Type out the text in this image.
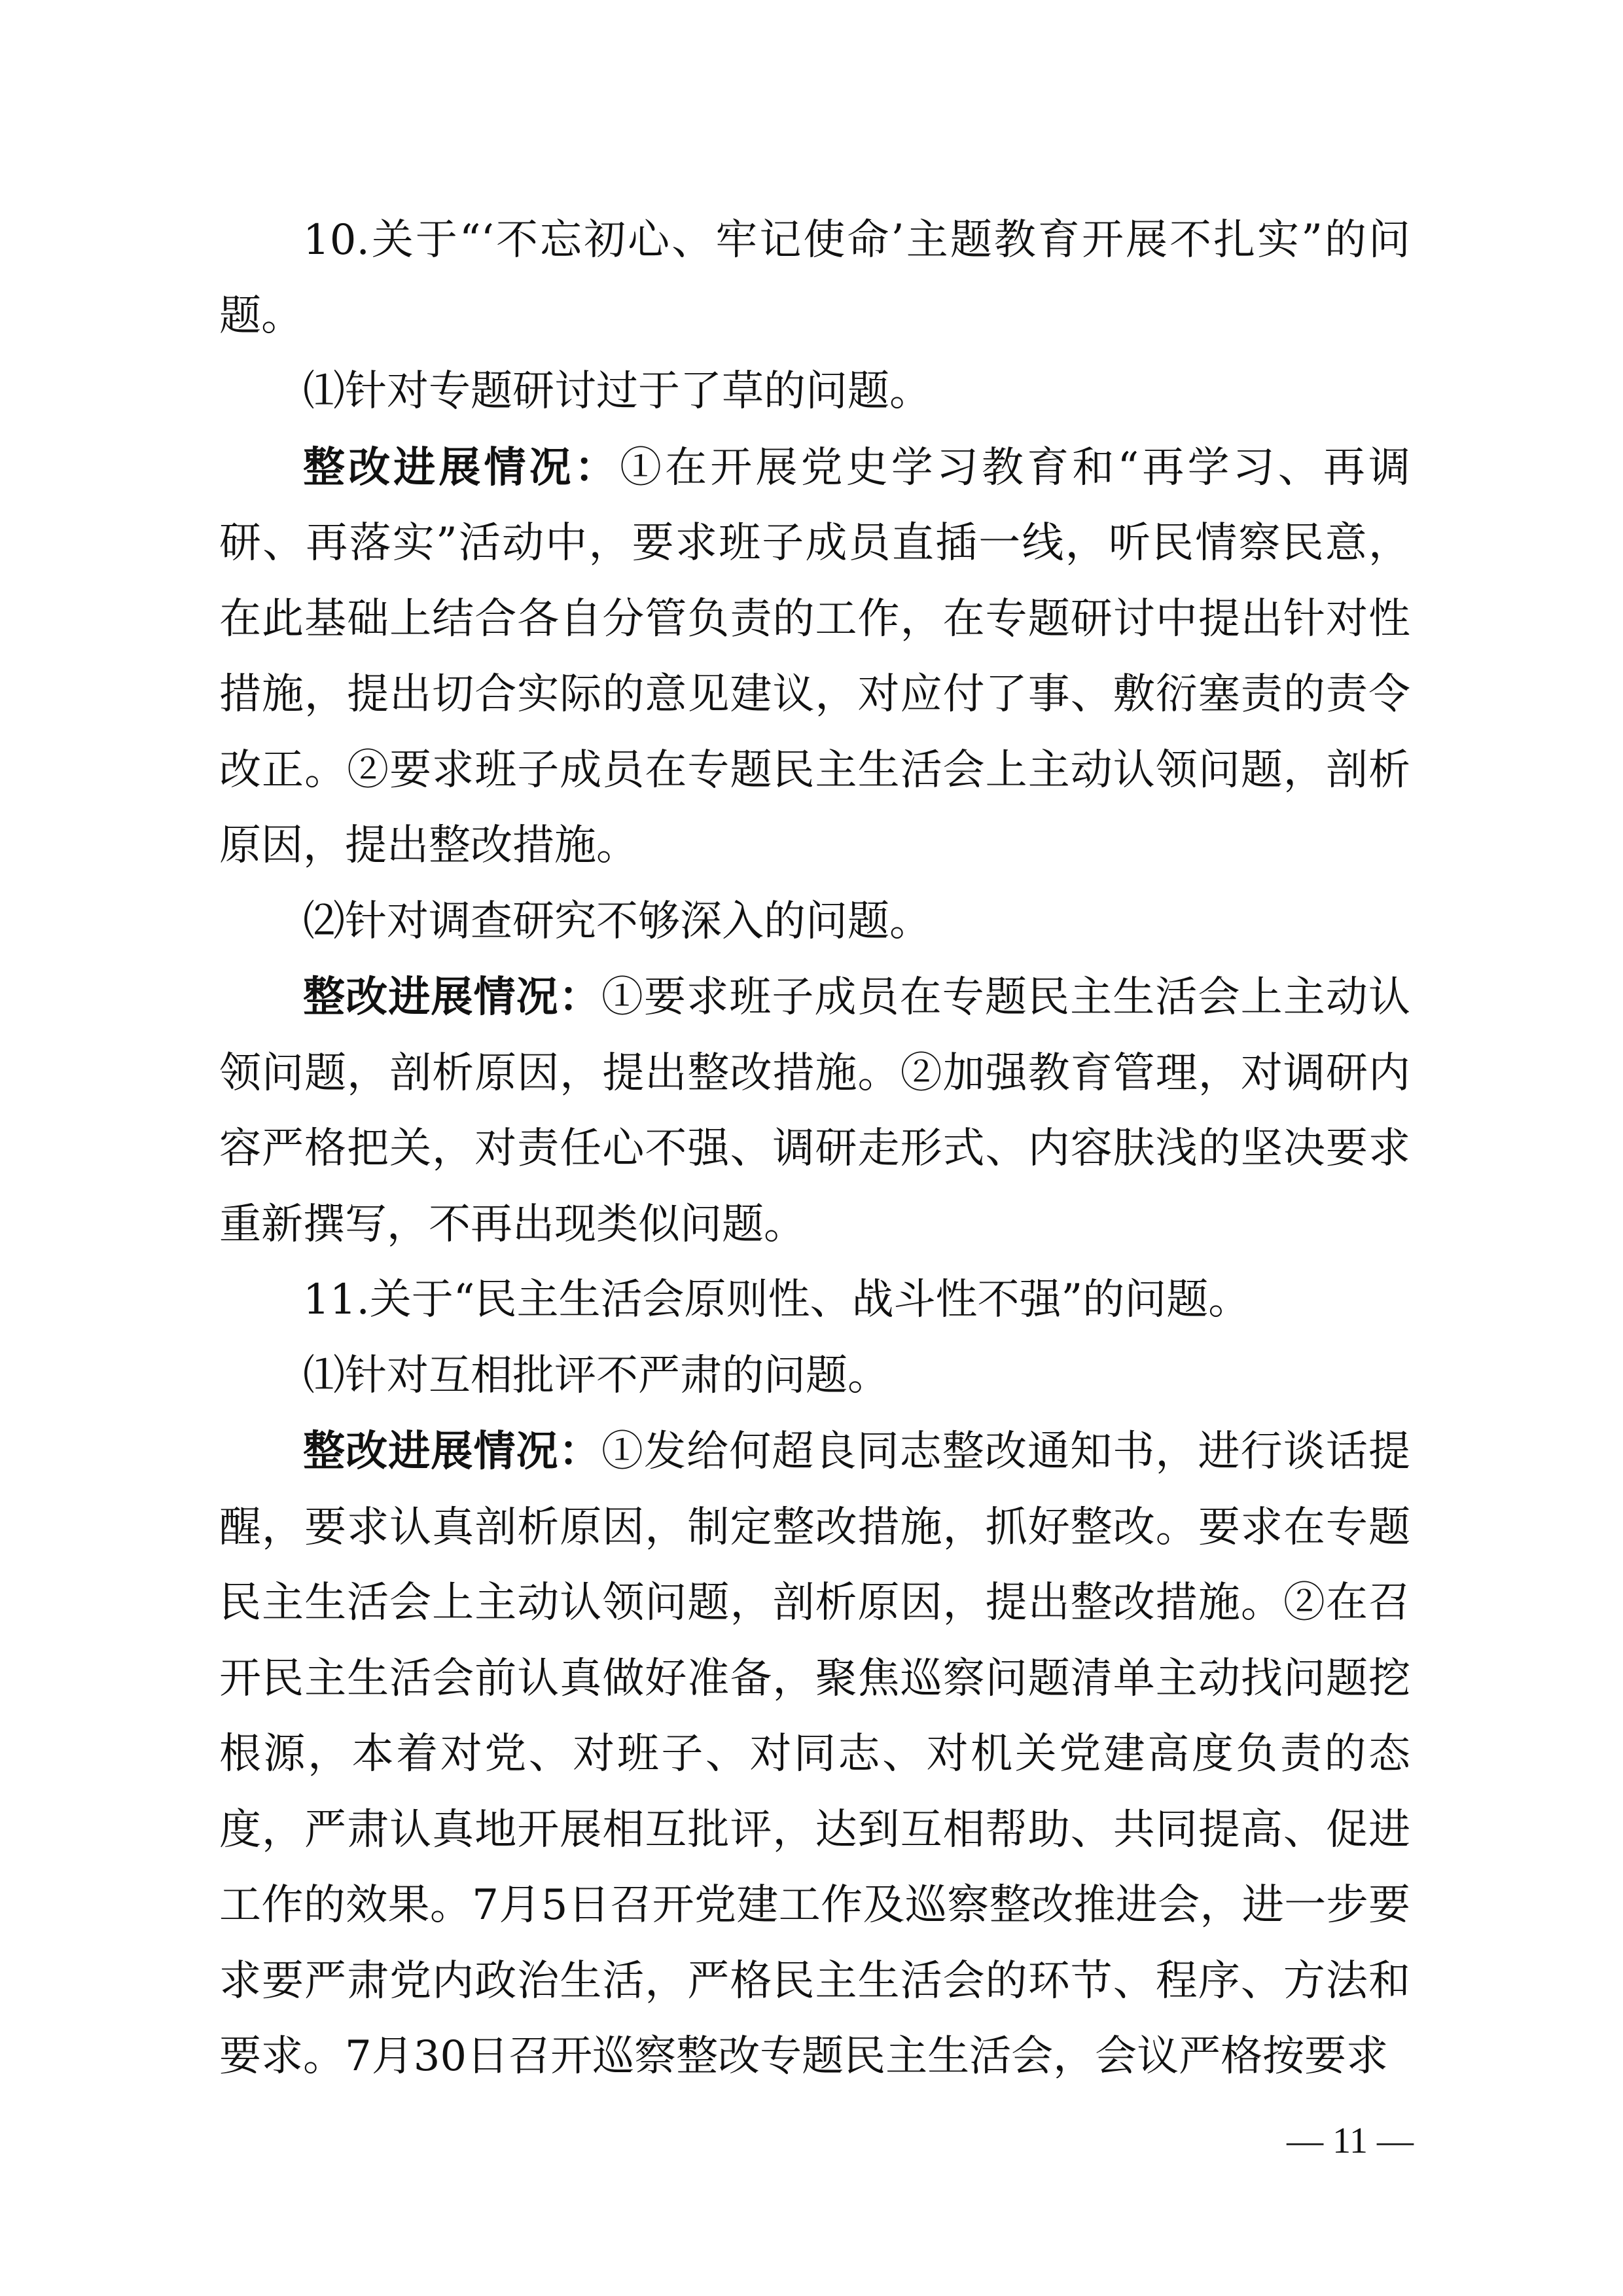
10.关于“‘不忘初心、牢记使命’主题教育开展不扎实”的问题。

⑴针对专题研讨过于了草的问题。

整改进展情况：①在开展党史学习教育和“再学习、再调研、再落实”活动中，要求班子成员直插一线，听民情察民意，在此基础上结合各自分管负责的工作，在专题研讨中提出针对性措施，提出切合实际的意见建议，对应付了事、敷衍塞责的责令改正。②要求班子成员在专题民主生活会上主动认领问题，剖析原因，提出整改措施。

⑵针对调查研究不够深入的问题。

整改进展情况：①要求班子成员在专题民主生活会上主动认领问题，剖析原因，提出整改措施。②加强教育管理，对调研内容严格把关，对责任心不强、调研走形式、内容肤浅的坚决要求重新撰写，不再出现类似问题。

11.关于“民主生活会原则性、战斗性不强”的问题。

⑴针对互相批评不严肃的问题。

整改进展情况：①发给何超良同志整改通知书，进行谈话提醒，要求认真剖析原因，制定整改措施，抓好整改。要求在专题民主生活会上主动认领问题，剖析原因，提出整改措施。②在召开民主生活会前认真做好准备，聚焦巡察问题清单主动找问题挖根源，本着对党、对班子、对同志、对机关党建高度负责的态度，严肃认真地开展相互批评，达到互相帮助、共同提高、促进工作的效果。7月5日召开党建工作及巡察整改推进会，进一步要求要严肃党内政治生活，严格民主生活会的环节、程序、方法和要求。7月30日召开巡察整改专题民主生活会，会议严格按要求

— 11 —
